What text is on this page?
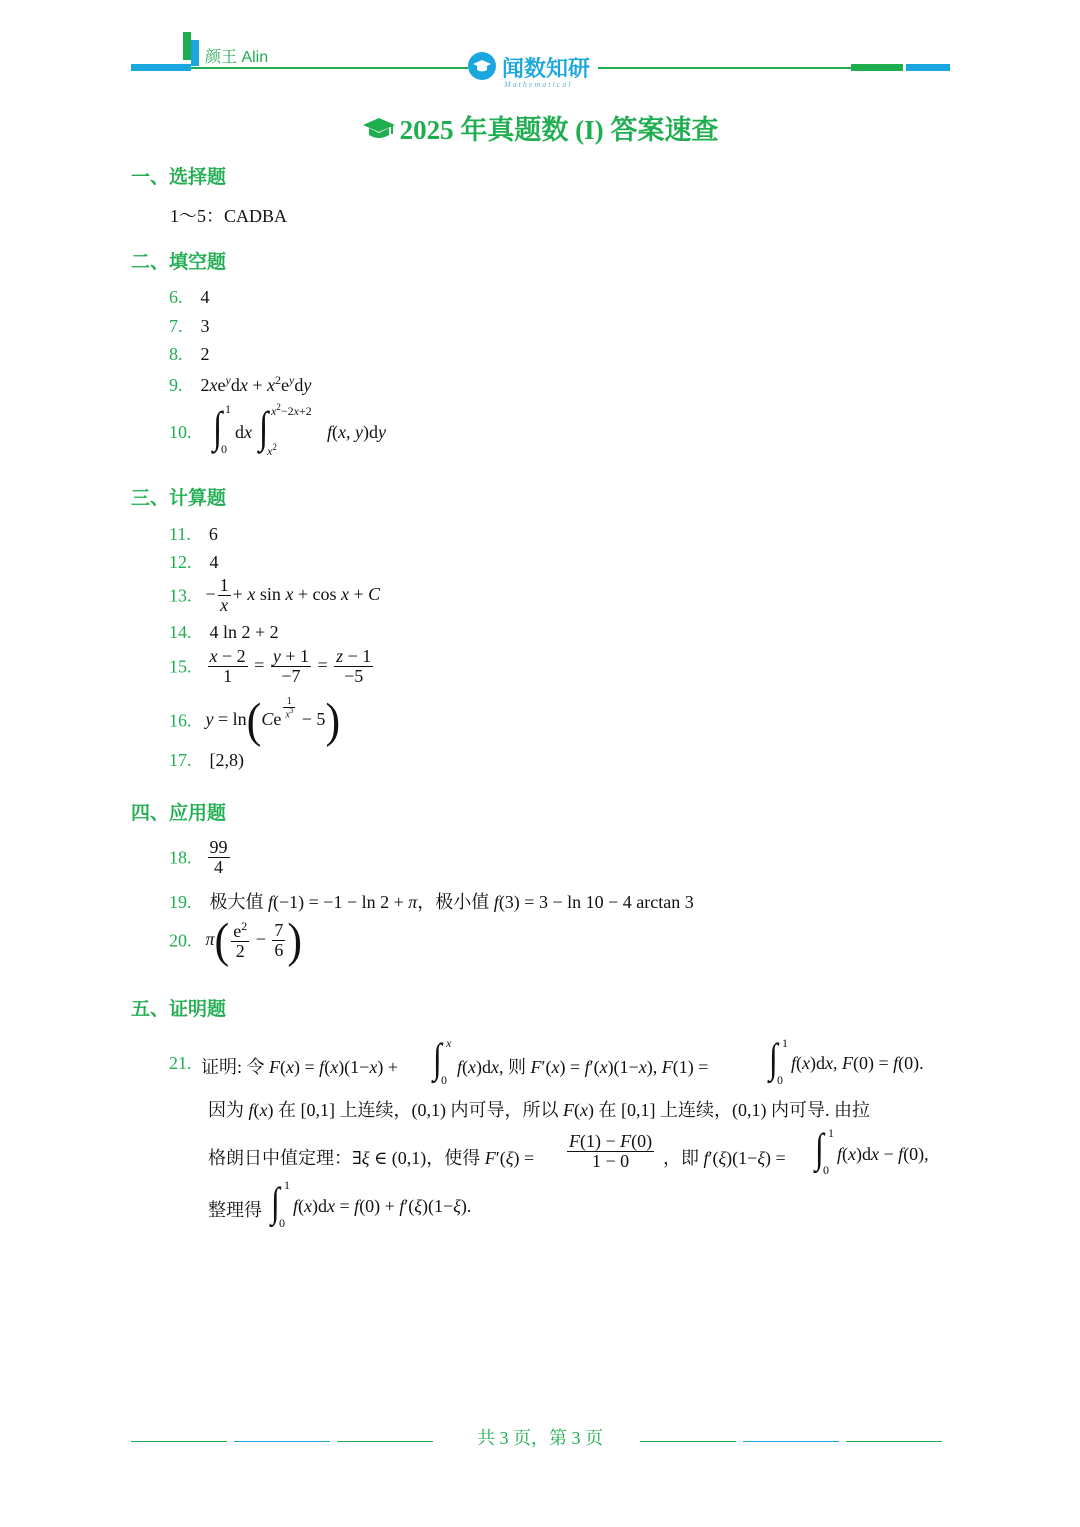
颜王 Alin	闻数知研
Mathematical
2025 年真题数 (I) 答案速查
一、选择题
1～5：CADBA
二、填空题
6. 4
7. 3
8. 2
9. $2xe^ydx + x^2e^ydy$
10. ∫ 1
0
dx ∫ $x^2-2x+2$
$x^2$
f(x, y)dy
三、计算题
11. 6
12. 4
13. − $\frac{1}{x} + x$ sin x + cos x + C
14. 4 ln 2 + 2
15. $\frac{x - 2}{1} = \frac{y + 1}{-7} = \frac{z - 1}{-5}$
16. y = ln(Ce $^{\frac{1}{x^3}}$ − 5)
17. [2,8)
四、应用题
18. $\frac{99}{4}$
19. 极大值 f(−1) = −1 − ln 2 + π，极小值 f(3) = 3 − ln 10 − 4 arctan 3
20. $\pi( \frac{e^2}{2} - \frac{7}{6}$ )
五、证明题
21. 证明: 令 F(x) = f(x)(1−x) + ∫ x
0
f(x)dx, 则 F′(x) = f′(x)(1−x), F(1) = ∫ 1
0
f(x)dx, F(0) = f(0).
因为 f(x) 在 [0,1] 上连续，(0,1) 内可导，所以 F(x) 在 [0,1] 上连续，(0,1) 内可导. 由拉
格朗日中值定理：∃ξ ∈ (0,1)，使得 $F'(\xi) = \frac{F(1) - F(0)}{1 - 0}$ ，即 f′(ξ)(1−ξ) = ∫ 1
0
f(x)dx − f(0),
整理得 ∫ 1
0
f(x)dx = f(0) + f′(ξ)(1−ξ).
共 3 页，第 3 页
